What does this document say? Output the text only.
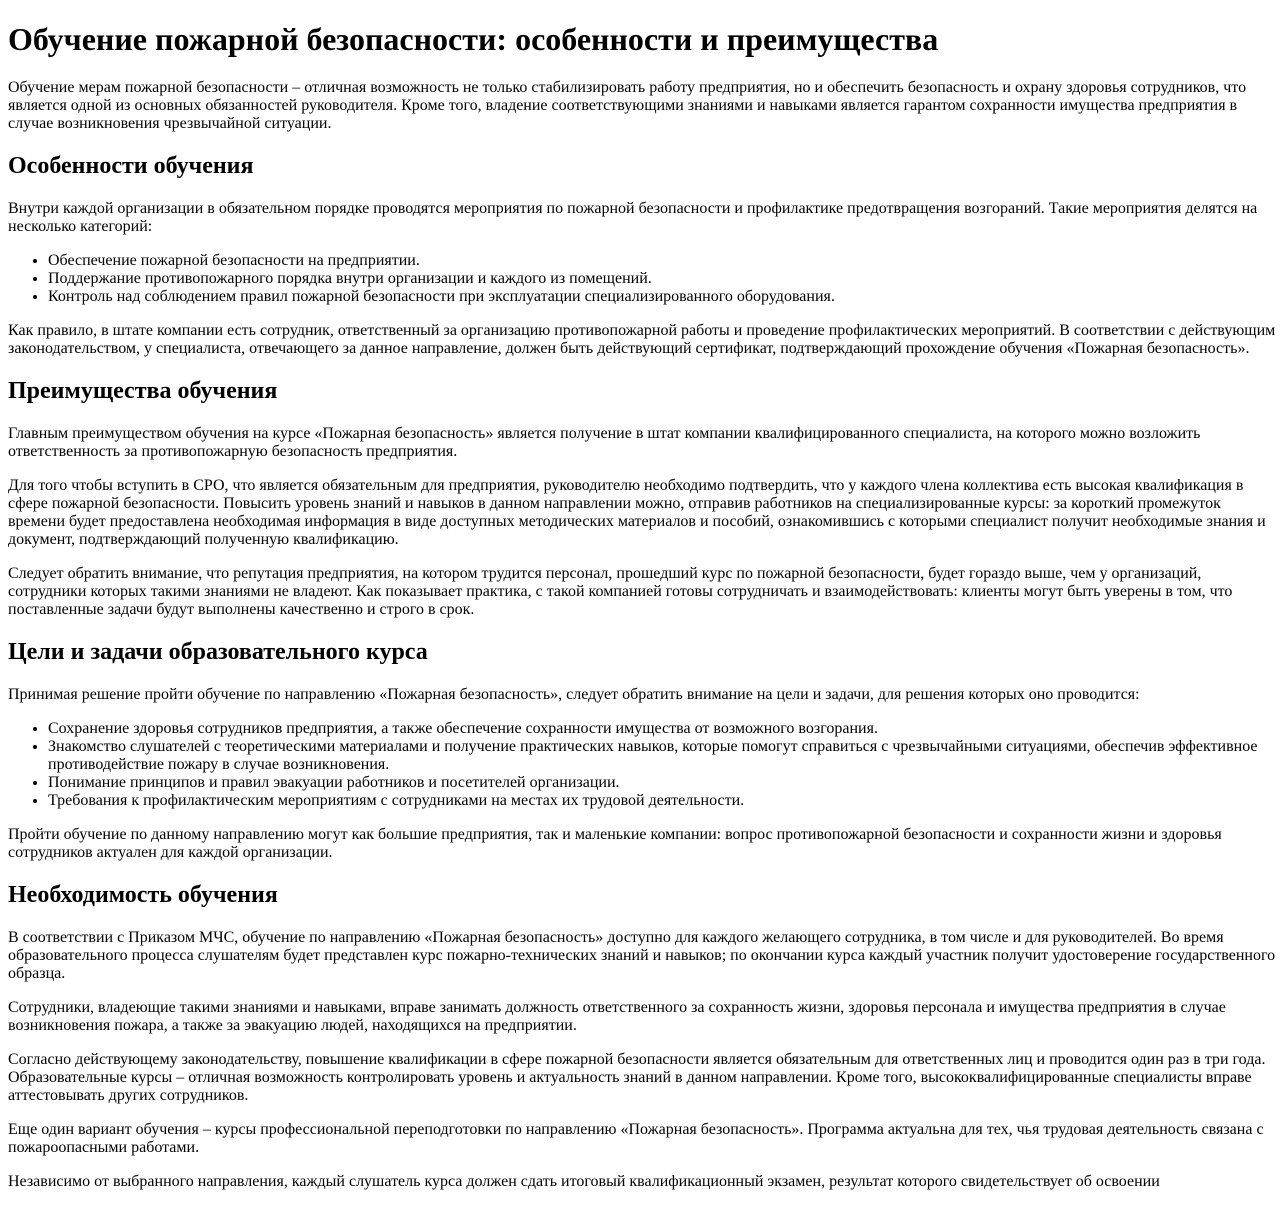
Обучение пожарной безопасности: особенности и преимущества

Обучение мерам пожарной безопасности – отличная возможность не только стабилизировать работу предприятия, но и обеспечить безопасность и охрану здоровья сотрудников, что является одной из основных обязанностей руководителя. Кроме того, владение соответствующими знаниями и навыками является гарантом сохранности имущества предприятия в случае возникновения чрезвычайной ситуации.

Особенности обучения

Внутри каждой организации в обязательном порядке проводятся мероприятия по пожарной безопасности и профилактике предотвращения возгораний. Такие мероприятия делятся на несколько категорий:

• Обеспечение пожарной безопасности на предприятии.
• Поддержание противопожарного порядка внутри организации и каждого из помещений.
• Контроль над соблюдением правил пожарной безопасности при эксплуатации специализированного оборудования.

Как правило, в штате компании есть сотрудник, ответственный за организацию противопожарной работы и проведение профилактических мероприятий. В соответствии с действующим законодательством, у специалиста, отвечающего за данное направление, должен быть действующий сертификат, подтверждающий прохождение обучения «Пожарная безопасность».

Преимущества обучения

Главным преимуществом обучения на курсе «Пожарная безопасность» является получение в штат компании квалифицированного специалиста, на которого можно возложить ответственность за противопожарную безопасность предприятия.

Для того чтобы вступить в СРО, что является обязательным для предприятия, руководителю необходимо подтвердить, что у каждого члена коллектива есть высокая квалификация в сфере пожарной безопасности. Повысить уровень знаний и навыков в данном направлении можно, отправив работников на специализированные курсы: за короткий промежуток времени будет предоставлена необходимая информация в виде доступных методических материалов и пособий, ознакомившись с которыми специалист получит необходимые знания и документ, подтверждающий полученную квалификацию.

Следует обратить внимание, что репутация предприятия, на котором трудится персонал, прошедший курс по пожарной безопасности, будет гораздо выше, чем у организаций, сотрудники которых такими знаниями не владеют. Как показывает практика, с такой компанией готовы сотрудничать и взаимодействовать: клиенты могут быть уверены в том, что поставленные задачи будут выполнены качественно и строго в срок.

Цели и задачи образовательного курса

Принимая решение пройти обучение по направлению «Пожарная безопасность», следует обратить внимание на цели и задачи, для решения которых оно проводится:

• Сохранение здоровья сотрудников предприятия, а также обеспечение сохранности имущества от возможного возгорания.
• Знакомство слушателей с теоретическими материалами и получение практических навыков, которые помогут справиться с чрезвычайными ситуациями, обеспечив эффективное противодействие пожару в случае возникновения.
• Понимание принципов и правил эвакуации работников и посетителей организации.
• Требования к профилактическим мероприятиям с сотрудниками на местах их трудовой деятельности.

Пройти обучение по данному направлению могут как большие предприятия, так и маленькие компании: вопрос противопожарной безопасности и сохранности жизни и здоровья сотрудников актуален для каждой организации.

Необходимость обучения

В соответствии с Приказом МЧС, обучение по направлению «Пожарная безопасность» доступно для каждого желающего сотрудника, в том числе и для руководителей. Во время образовательного процесса слушателям будет представлен курс пожарно-технических знаний и навыков; по окончании курса каждый участник получит удостоверение государственного образца.

Сотрудники, владеющие такими знаниями и навыками, вправе занимать должность ответственного за сохранность жизни, здоровья персонала и имущества предприятия в случае возникновения пожара, а также за эвакуацию людей, находящихся на предприятии.

Согласно действующему законодательству, повышение квалификации в сфере пожарной безопасности является обязательным для ответственных лиц и проводится один раз в три года. Образовательные курсы – отличная возможность контролировать уровень и актуальность знаний в данном направлении. Кроме того, высококвалифицированные специалисты вправе аттестовывать других сотрудников.

Еще один вариант обучения – курсы профессиональной переподготовки по направлению «Пожарная безопасность». Программа актуальна для тех, чья трудовая деятельность связана с пожароопасными работами.

Независимо от выбранного направления, каждый слушатель курса должен сдать итоговый квалификационный экзамен, результат которого свидетельствует об освоении
